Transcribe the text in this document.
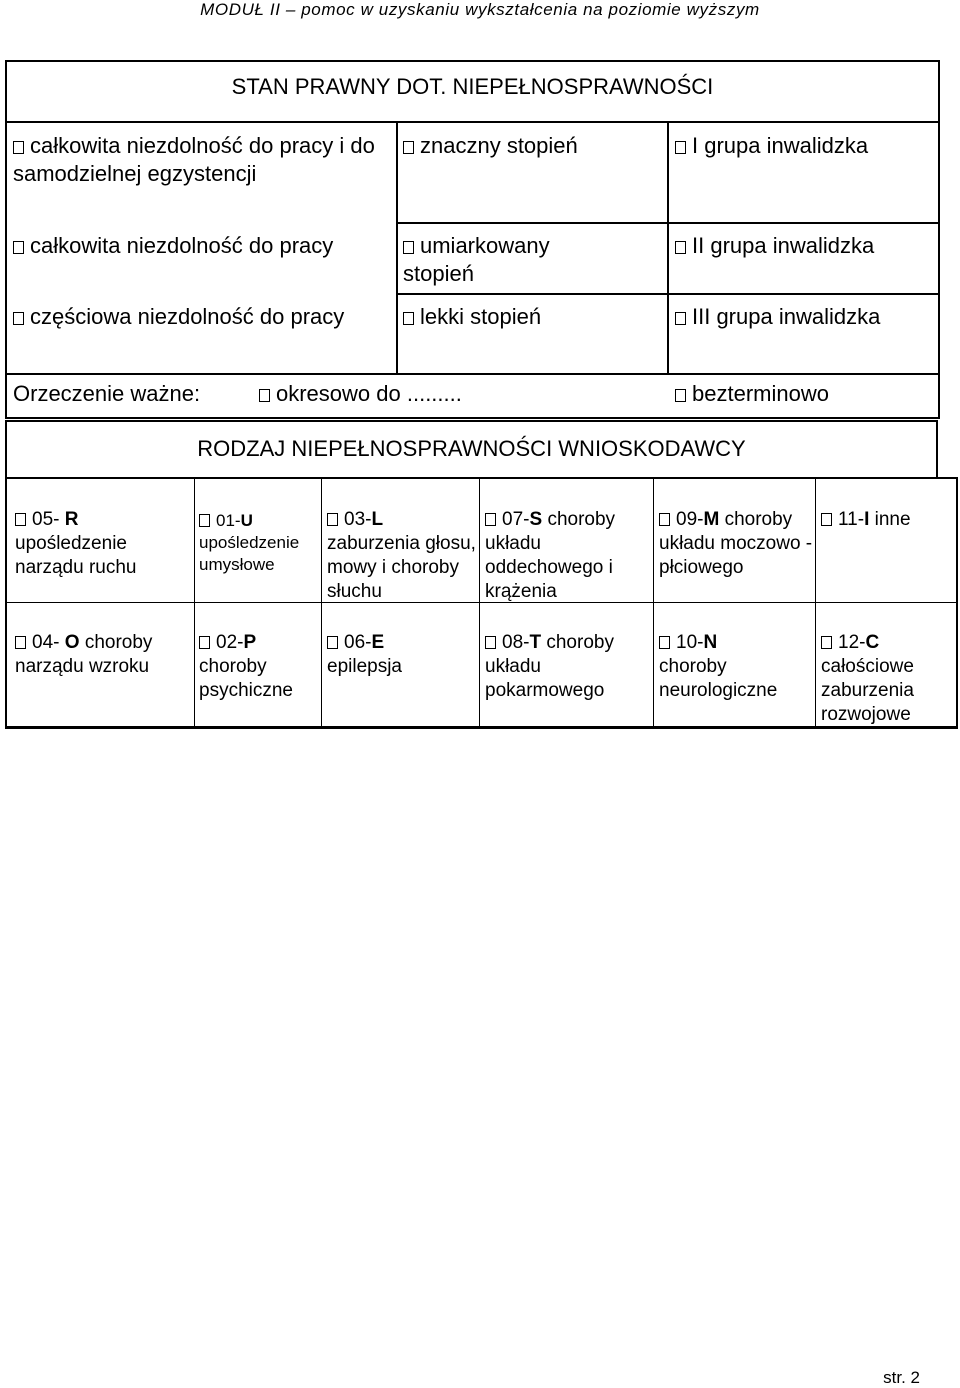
MODUŁ II – pomoc w uzyskaniu wykształcenia na poziomie wyższym
STAN PRAWNY DOT. NIEPEŁNOSPRAWNOŚCI
całkowita niezdolność do pracy i do samodzielnej egzystencji
całkowita niezdolność do pracy
częściowa niezdolność do pracy
znaczny stopień
umiarkowany stopień
lekki stopień
I grupa inwalidzka
II grupa inwalidzka
III grupa inwalidzka
Orzeczenie ważne:	okresowo do .........	bezterminowo
RODZAJ NIEPEŁNOSPRAWNOŚCI WNIOSKODAWCY
05- R
upośledzenie narządu ruchu
01-U
upośledzenie umysłowe
03-L
zaburzenia głosu, mowy i choroby słuchu
07-S choroby układu oddechowego i krążenia
09-M choroby układu moczowo - płciowego
11-I inne
04- O choroby narządu wzroku
02-P
choroby psychiczne
06-E
epilepsja
08-T choroby układu pokarmowego
10-N
choroby neurologiczne
12-C
całościowe zaburzenia rozwojowe
str. 2
